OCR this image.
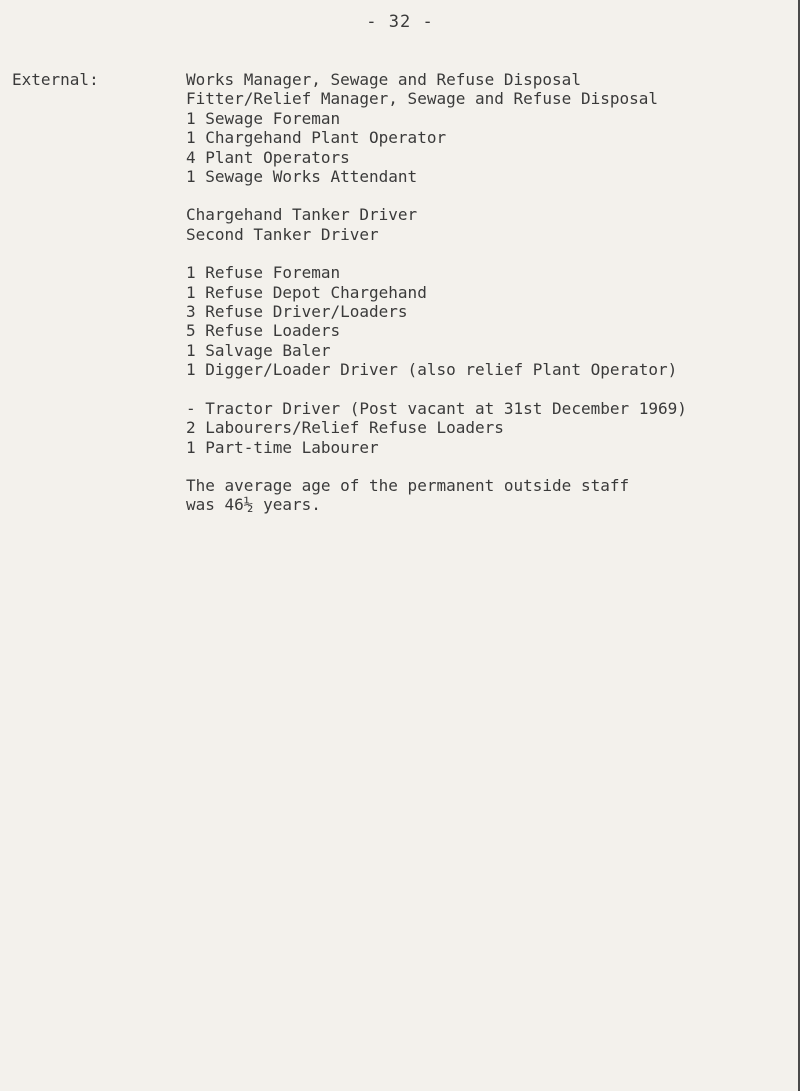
- 32 -
External:	Works Manager, Sewage and Refuse Disposal
Fitter/Relief Manager, Sewage and Refuse Disposal
1 Sewage Foreman
1 Chargehand Plant Operator
4 Plant Operators
1 Sewage Works Attendant
Chargehand Tanker Driver
Second Tanker Driver
1 Refuse Foreman
1 Refuse Depot Chargehand
3 Refuse Driver/Loaders
5 Refuse Loaders
1 Salvage Baler
1 Digger/Loader Driver (also relief Plant Operator)
- Tractor Driver (Post vacant at 31st December 1969)
2 Labourers/Relief Refuse Loaders
1 Part-time Labourer

The average age of the permanent outside staff
was 46½ years.
